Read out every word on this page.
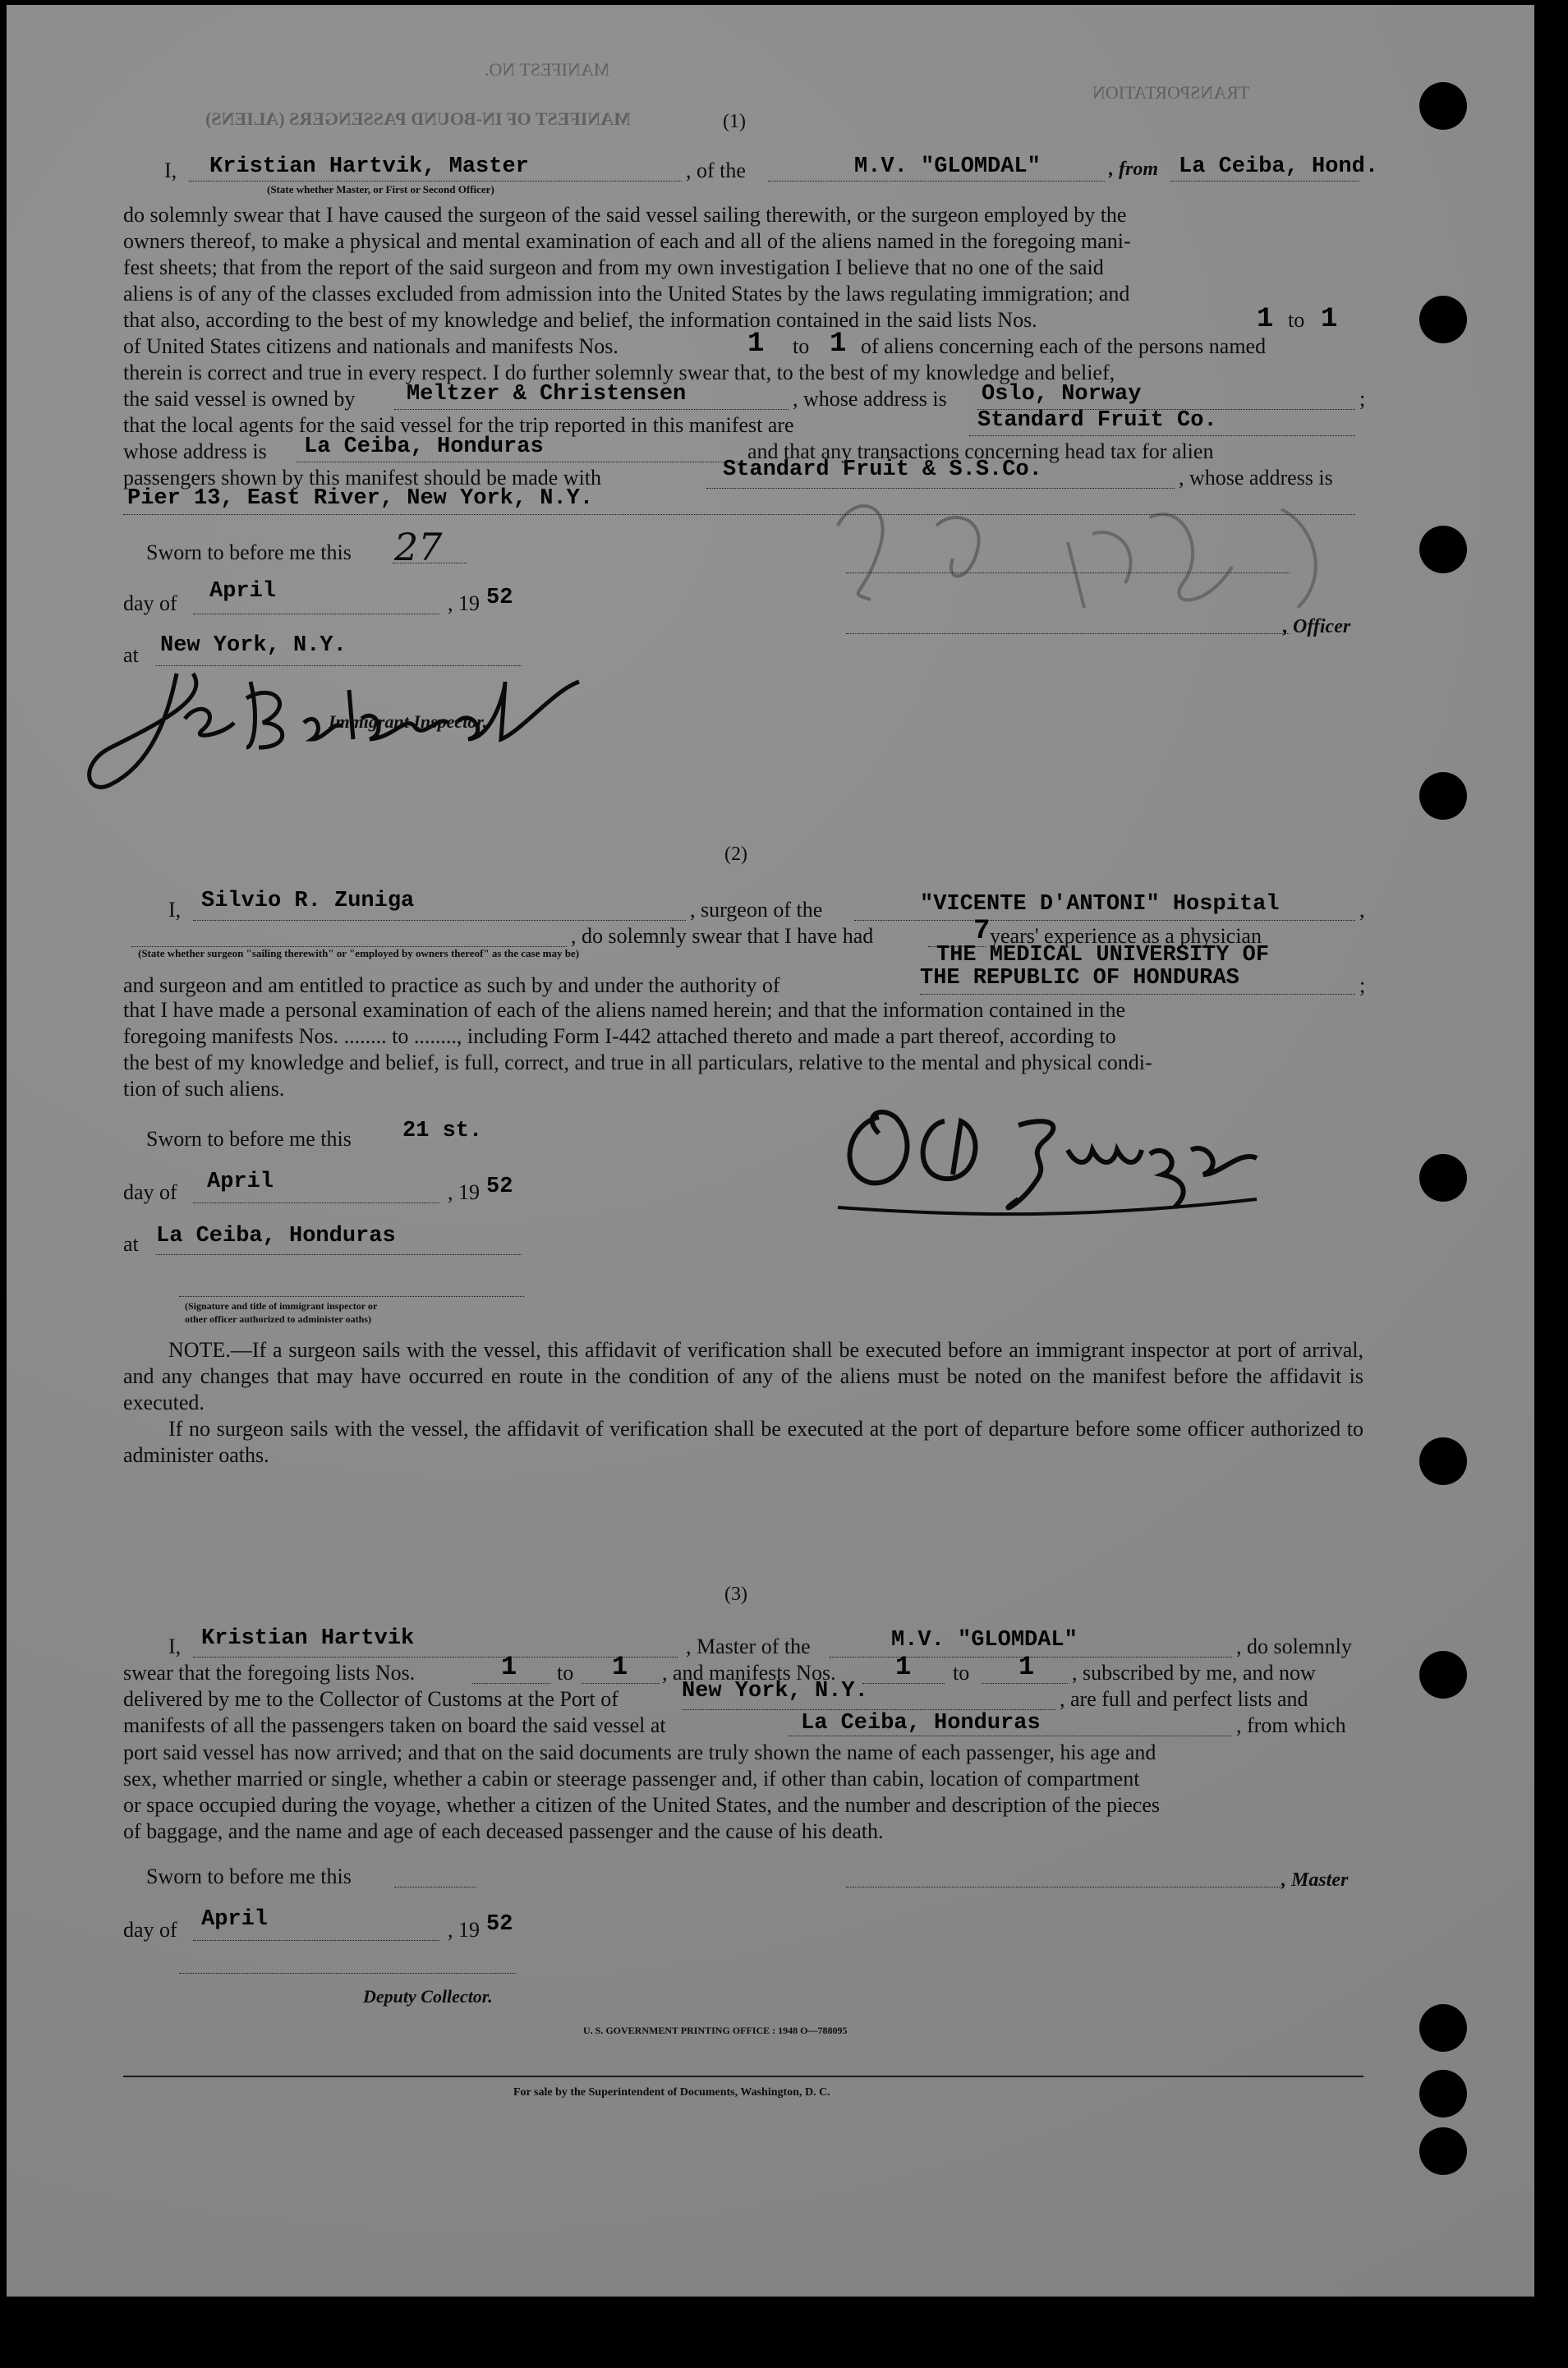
MANIFEST NO.
MANIFEST OF IN-BOUND PASSENGERS (ALIENS)
TRANSPORTATION
(1)
I, Kristian Hartvik, Master
(State whether Master, or First or Second Officer)
, of the	M.V. "GLOMDAL"	, from La Ceiba, Hond.
do solemnly swear that I have caused the surgeon of the said vessel sailing therewith, or the surgeon employed by the
owners thereof, to make a physical and mental examination of each and all of the aliens named in the foregoing mani-
fest sheets; that from the report of the said surgeon and from my own investigation I believe that no one of the said
aliens is of any of the classes excluded from admission into the United States by the laws regulating immigration; and
that also, according to the best of my knowledge and belief, the information contained in the said lists Nos.	1 to 1
of United States citizens and nationals and manifests Nos.	1 to 1 of aliens concerning each of the persons named
therein is correct and true in every respect. I do further solemnly swear that, to the best of my knowledge and belief,
the said vessel is owned by Meltzer & Christensen	, whose address is Oslo, Norway	;
that the local agents for the said vessel for the trip reported in this manifest are	Standard Fruit Co.
whose address is La Ceiba, Honduras	and that any transactions concerning head tax for alien
passengers shown by this manifest should be made with	Standard Fruit & S.S.Co.	, whose address is
Pier 13, East River, New York, N.Y.
Sworn to before me this 27
day of April	, 19 52
at New York, N.Y.
, Officer
Immigrant Inspector.
(2)
I, Silvio R. Zuniga	, surgeon of the	"VICENTE D'ANTONI" Hospital	,
, do solemnly swear that I have had	7 years' experience as a physician
(State whether surgeon "sailing therewith" or "employed by owners thereof" as the case may be)	THE MEDICAL UNIVERSITY OF
and surgeon and am entitled to practice as such by and under the authority of	THE REPUBLIC OF HONDURAS	;
that I have made a personal examination of each of the aliens named herein; and that the information contained in the
foregoing manifests Nos. ........ to ........, including Form I-442 attached thereto and made a part thereof, according to
the best of my knowledge and belief, is full, correct, and true in all particulars, relative to the mental and physical condi-
tion of such aliens.
Sworn to before me this 21 st.
day of April	, 19 52
at La Ceiba, Honduras
(Signature and title of immigrant inspector or
other officer authorized to administer oaths)
NOTE.—If a surgeon sails with the vessel, this affidavit of verification shall be executed before an immigrant inspector at port of arrival, and any changes that may have occurred en route in the condition of any of the aliens must be noted on the manifest before the affidavit is executed.
If no surgeon sails with the vessel, the affidavit of verification shall be executed at the port of departure before some officer authorized to administer oaths.
(3)
I, Kristian Hartvik	, Master of the	M.V. "GLOMDAL"	, do solemnly
swear that the foregoing lists Nos.	1 to 1 , and manifests Nos. 1 to 1 , subscribed by me, and now
delivered by me to the Collector of Customs at the Port of	New York, N.Y.	, are full and perfect lists and
manifests of all the passengers taken on board the said vessel at	La Ceiba, Honduras	, from which
port said vessel has now arrived; and that on the said documents are truly shown the name of each passenger, his age and
sex, whether married or single, whether a cabin or steerage passenger and, if other than cabin, location of compartment
or space occupied during the voyage, whether a citizen of the United States, and the number and description of the pieces
of baggage, and the name and age of each deceased passenger and the cause of his death.
Sworn to before me this	, Master
day of April	, 19 52
Deputy Collector.
U. S. GOVERNMENT PRINTING OFFICE : 1948 O—788095
For sale by the Superintendent of Documents, Washington, D. C.
